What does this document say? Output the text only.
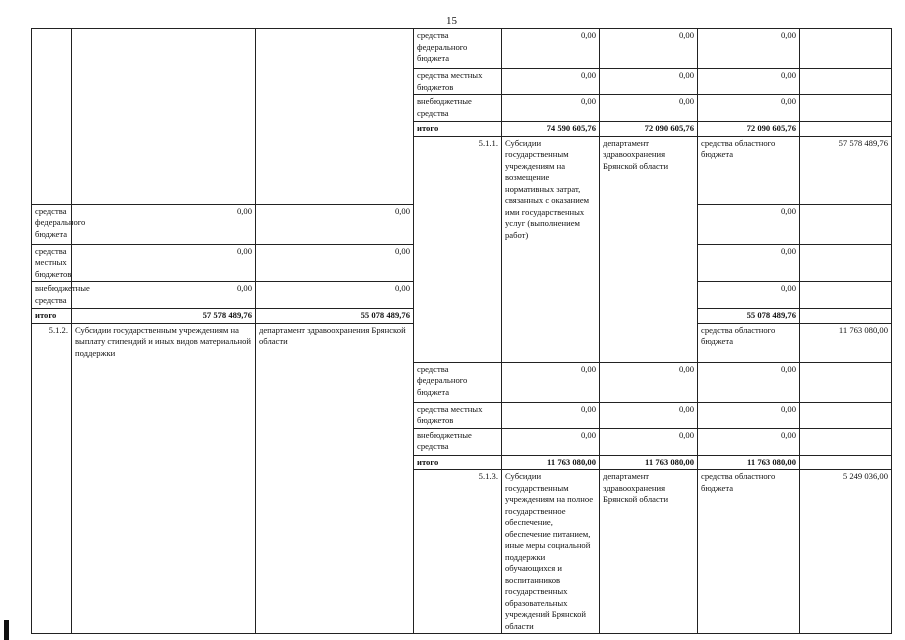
15
			средства федерального бюджета	0,00	0,00	0,00		
			средства местных бюджетов	0,00	0,00	0,00		
			внебюджетные средства	0,00	0,00	0,00		
			итого	74 590 605,76	72 090 605,76	72 090 605,76		
			5.1.1.	Субсидии государственным учреждениям на возмещение нормативных затрат, связанных с оказанием ими государственных услуг (выполнением работ)	департамент здравоохранения Брянской области	средства областного бюджета	57 578 489,76			
средства федерального бюджета	0,00	0,00				0,00		
средства местных бюджетов	0,00	0,00				0,00		
внебюджетные средства	0,00	0,00				0,00		
итого	57 578 489,76	55 078 489,76				55 078 489,76		
5.1.2.	Субсидии государственным учреждениям на выплату стипендий и иных видов материальной поддержки	департамент здравоохранения Брянской области				средства областного бюджета	11 763 080,00			
			средства федерального бюджета	0,00	0,00	0,00		
			средства местных бюджетов	0,00	0,00	0,00		
			внебюджетные средства	0,00	0,00	0,00		
			итого	11 763 080,00	11 763 080,00	11 763 080,00		
			5.1.3.	Субсидии государственным учреждениям на полное государственное обеспечение, обеспечение питанием, иные меры социальной поддержки обучающихся и воспитанников государственных образовательных учреждений Брянской области	департамент здравоохранения Брянской области	средства областного бюджета	5 249 036,00			
